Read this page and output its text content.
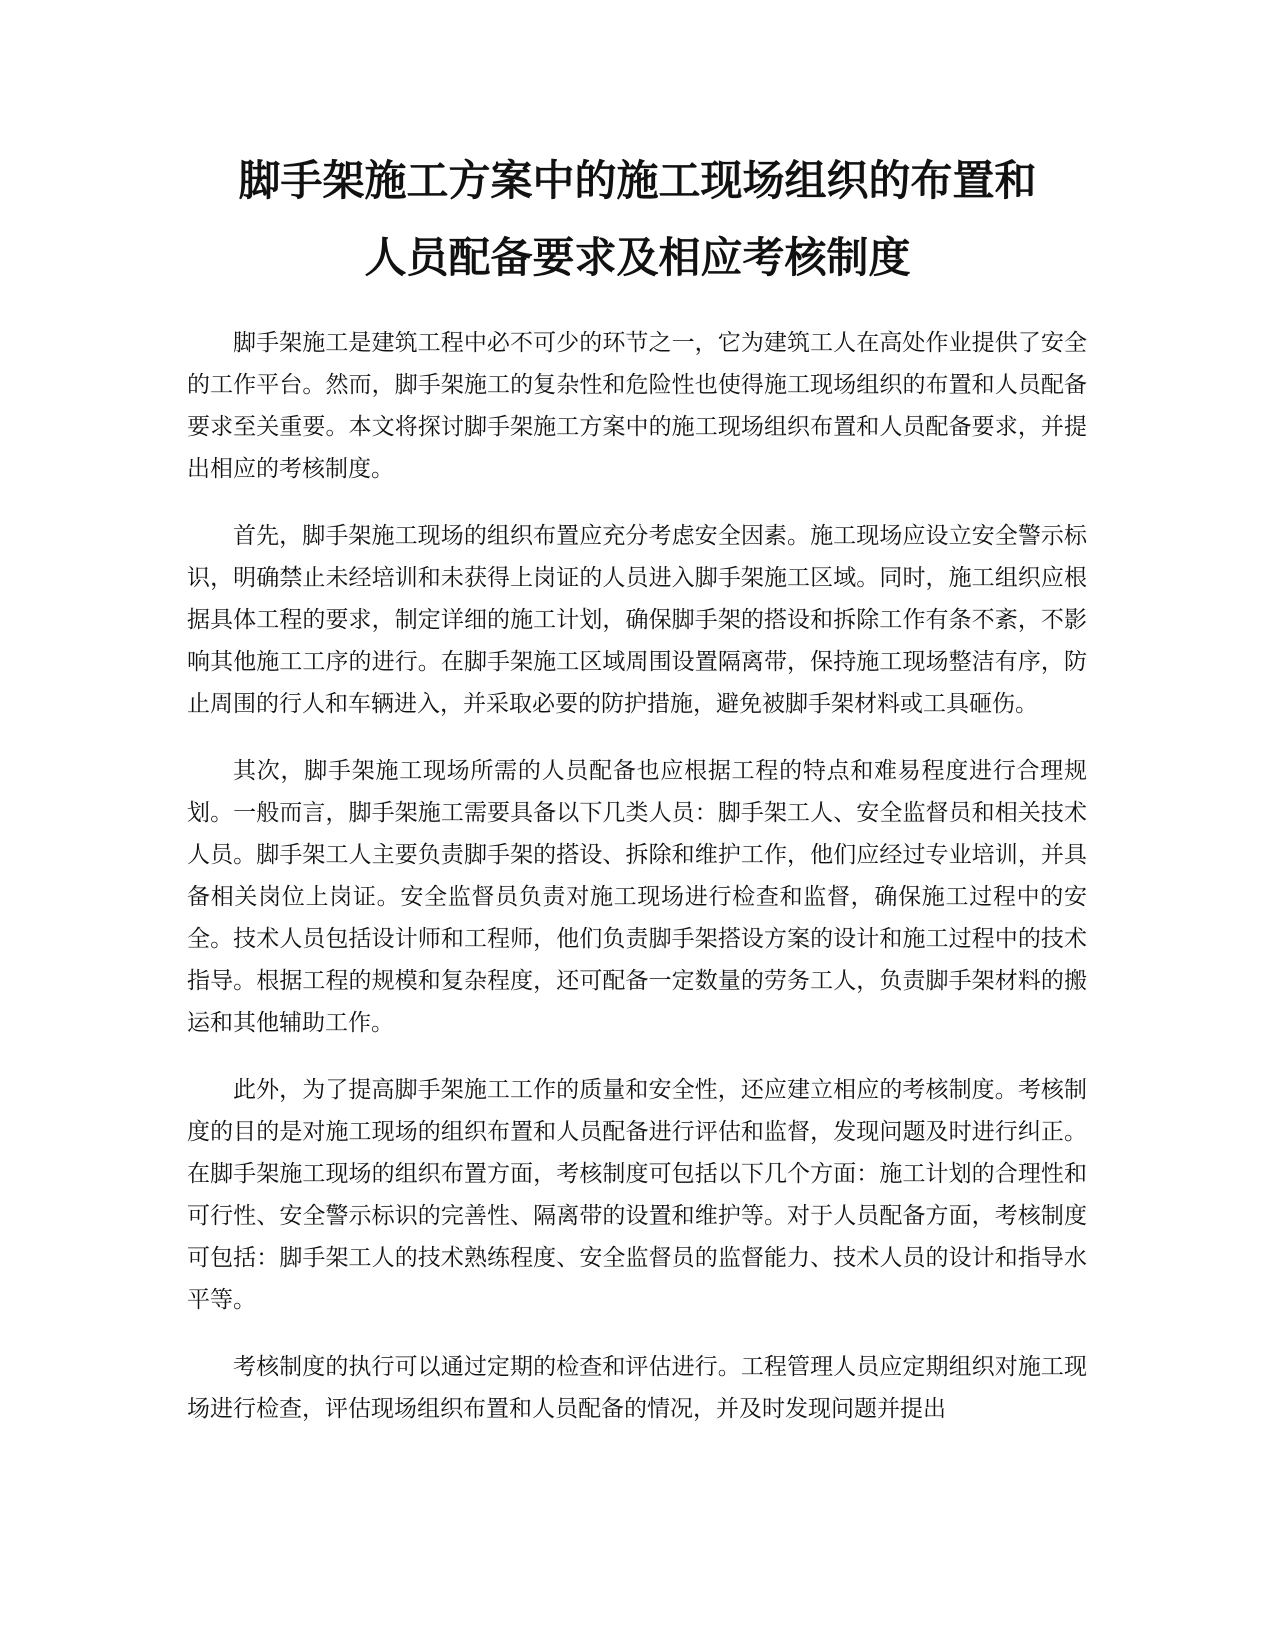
脚手架施工方案中的施工现场组织的布置和
人员配备要求及相应考核制度

脚手架施工是建筑工程中必不可少的环节之一，它为建筑工人在高处作业提供了安全的工作平台。然而，脚手架施工的复杂性和危险性也使得施工现场组织的布置和人员配备要求至关重要。本文将探讨脚手架施工方案中的施工现场组织布置和人员配备要求，并提出相应的考核制度。

首先，脚手架施工现场的组织布置应充分考虑安全因素。施工现场应设立安全警示标识，明确禁止未经培训和未获得上岗证的人员进入脚手架施工区域。同时，施工组织应根据具体工程的要求，制定详细的施工计划，确保脚手架的搭设和拆除工作有条不紊，不影响其他施工工序的进行。在脚手架施工区域周围设置隔离带，保持施工现场整洁有序，防止周围的行人和车辆进入，并采取必要的防护措施，避免被脚手架材料或工具砸伤。

其次，脚手架施工现场所需的人员配备也应根据工程的特点和难易程度进行合理规划。一般而言，脚手架施工需要具备以下几类人员：脚手架工人、安全监督员和相关技术人员。脚手架工人主要负责脚手架的搭设、拆除和维护工作，他们应经过专业培训，并具备相关岗位上岗证。安全监督员负责对施工现场进行检查和监督，确保施工过程中的安全。技术人员包括设计师和工程师，他们负责脚手架搭设方案的设计和施工过程中的技术指导。根据工程的规模和复杂程度，还可配备一定数量的劳务工人，负责脚手架材料的搬运和其他辅助工作。

此外，为了提高脚手架施工工作的质量和安全性，还应建立相应的考核制度。考核制度的目的是对施工现场的组织布置和人员配备进行评估和监督，发现问题及时进行纠正。在脚手架施工现场的组织布置方面，考核制度可包括以下几个方面：施工计划的合理性和可行性、安全警示标识的完善性、隔离带的设置和维护等。对于人员配备方面，考核制度可包括：脚手架工人的技术熟练程度、安全监督员的监督能力、技术人员的设计和指导水平等。

考核制度的执行可以通过定期的检查和评估进行。工程管理人员应定期组织对施工现场进行检查，评估现场组织布置和人员配备的情况，并及时发现问题并提出
